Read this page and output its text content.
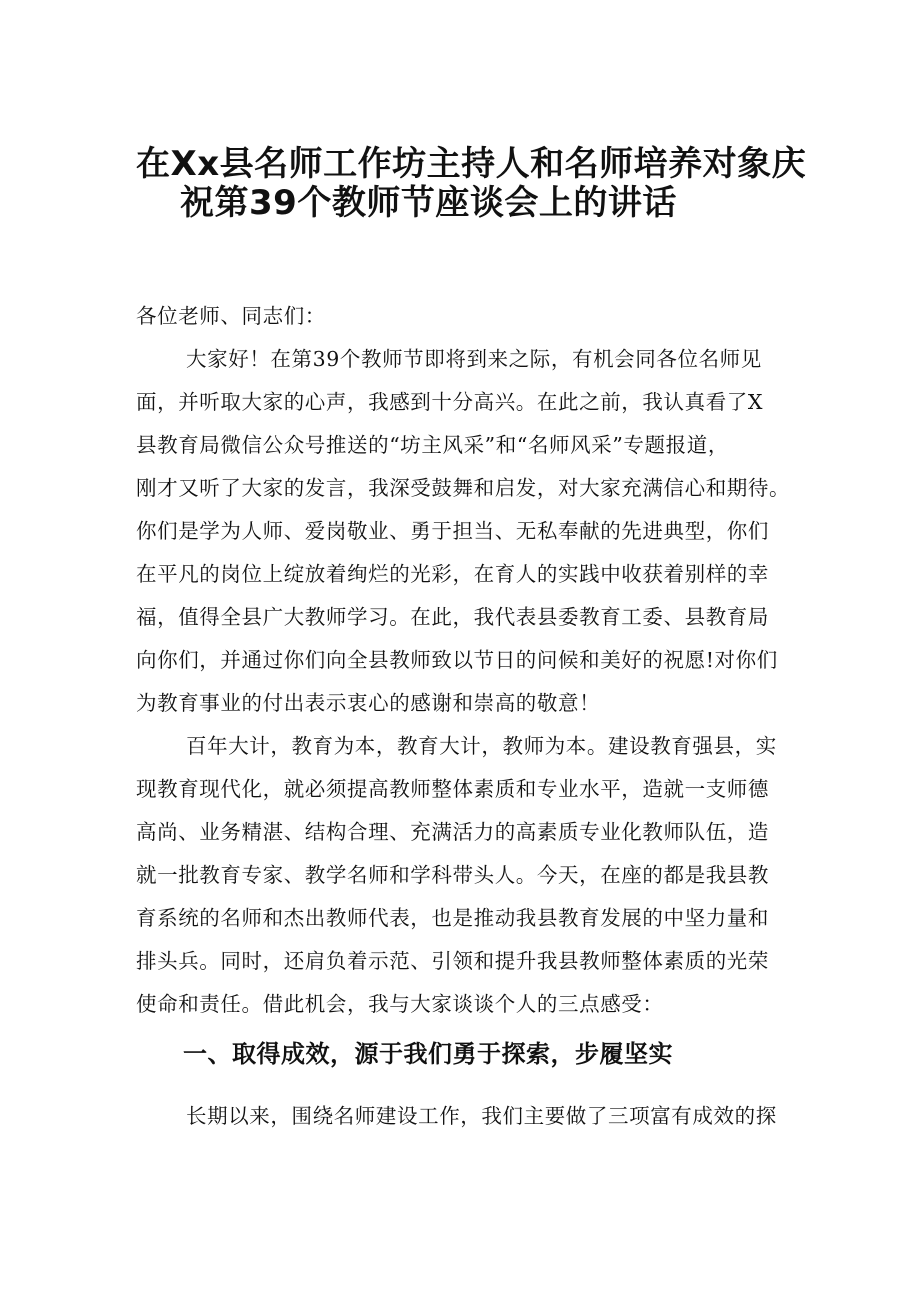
在Xx县名师工作坊主持人和名师培养对象庆
祝第39个教师节座谈会上的讲话
各位老师、同志们：
大家好！在第39个教师节即将到来之际，有机会同各位名师见
面，并听取大家的心声，我感到十分高兴。在此之前，我认真看了X
县教育局微信公众号推送的“坊主风采”和“名师风采”专题报道，
刚才又听了大家的发言，我深受鼓舞和启发，对大家充满信心和期待。
你们是学为人师、爱岗敬业、勇于担当、无私奉献的先进典型，你们
在平凡的岗位上绽放着绚烂的光彩，在育人的实践中收获着别样的幸
福，值得全县广大教师学习。在此，我代表县委教育工委、县教育局
向你们，并通过你们向全县教师致以节日的问候和美好的祝愿!对你们
为教育事业的付出表示衷心的感谢和崇高的敬意！
百年大计，教育为本，教育大计，教师为本。建设教育强县，实
现教育现代化，就必须提高教师整体素质和专业水平，造就一支师德
高尚、业务精湛、结构合理、充满活力的高素质专业化教师队伍，造
就一批教育专家、教学名师和学科带头人。今天，在座的都是我县教
育系统的名师和杰出教师代表，也是推动我县教育发展的中坚力量和
排头兵。同时，还肩负着示范、引领和提升我县教师整体素质的光荣
使命和责任。借此机会，我与大家谈谈个人的三点感受：
一、取得成效，源于我们勇于探索，步履坚实
长期以来，围绕名师建设工作，我们主要做了三项富有成效的探
